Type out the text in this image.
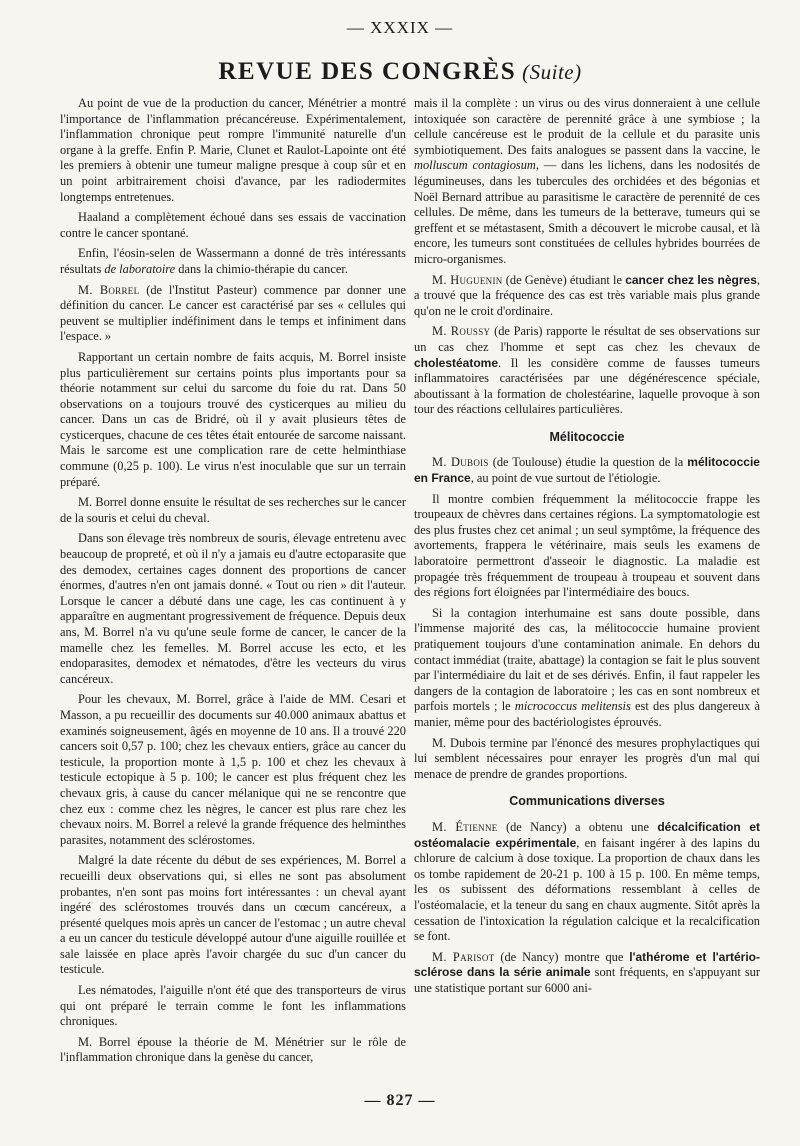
— XXXIX —
REVUE DES CONGRÈS (Suite)

Au point de vue de la production du cancer, Ménétrier a montré l'importance de l'inflammation précancéreuse. Expérimentalement, l'inflammation chronique peut rompre l'immunité naturelle d'un organe à la greffe. Enfin P. Marie, Clunet et Raulot-Lapointe ont été les premiers à obtenir une tumeur maligne presque à coup sûr et en un point arbitrairement choisi d'avance, par les radiodermites longtemps entretenues.

Haaland a complètement échoué dans ses essais de vaccination contre le cancer spontané.

Enfin, l'éosin-selen de Wassermann a donné de très intéressants résultats de laboratoire dans la chimio-thérapie du cancer.

M. Borrel (de l'Institut Pasteur) commence par donner une définition du cancer. Le cancer est caractérisé par ses « cellules qui peuvent se multiplier indéfiniment dans le temps et infiniment dans l'espace. »

Rapportant un certain nombre de faits acquis, M. Borrel insiste plus particulièrement sur certains points plus importants pour sa théorie notamment sur celui du sarcome du foie du rat. Dans 50 observations on a toujours trouvé des cysticerques au milieu du cancer. Dans un cas de Bridré, où il y avait plusieurs têtes de cysticerques, chacune de ces têtes était entourée de sarcome naissant. Mais le sarcome est une complication rare de cette helminthiase commune (0,25 p. 100). Le virus n'est inoculable que sur un terrain préparé.

M. Borrel donne ensuite le résultat de ses recherches sur le cancer de la souris et celui du cheval.

Dans son élevage très nombreux de souris, élevage entretenu avec beaucoup de propreté, et où il n'y a jamais eu d'autre ectoparasite que des demodex, certaines cages donnent des proportions de cancer énormes, d'autres n'en ont jamais donné. « Tout ou rien » dit l'auteur. Lorsque le cancer a débuté dans une cage, les cas continuent à y apparaître en augmentant progressivement de fréquence. Depuis deux ans, M. Borrel n'a vu qu'une seule forme de cancer, le cancer de la mamelle chez les femelles. M. Borrel accuse les ecto, et les endoparasites, demodex et nématodes, d'être les vecteurs du virus cancéreux.

Pour les chevaux, M. Borrel, grâce à l'aide de MM. Cesari et Masson, a pu recueillir des documents sur 40.000 animaux abattus et examinés soigneusement, âgés en moyenne de 10 ans. Il a trouvé 220 cancers soit 0,57 p. 100; chez les chevaux entiers, grâce au cancer du testicule, la proportion monte à 1,5 p. 100 et chez les chevaux à testicule ectopique à 5 p. 100; le cancer est plus fréquent chez les chevaux gris, à cause du cancer mélanique qui ne se rencontre que chez eux : comme chez les nègres, le cancer est plus rare chez les chevaux noirs. M. Borrel a relevé la grande fréquence des helminthes parasites, notamment des sclérostomes.

Malgré la date récente du début de ses expériences, M. Borrel a recueilli deux observations qui, si elles ne sont pas absolument probantes, n'en sont pas moins fort intéressantes : un cheval ayant ingéré des sclérostomes trouvés dans un cœcum cancéreux, a présenté quelques mois après un cancer de l'estomac ; un autre cheval a eu un cancer du testicule développé autour d'une aiguille rouillée et sale laissée en place après l'avoir chargée du suc d'un cancer du testicule.

Les nématodes, l'aiguille n'ont été que des transporteurs de virus qui ont préparé le terrain comme le font les inflammations chroniques.

M. Borrel épouse la théorie de M. Ménétrier sur le rôle de l'inflammation chronique dans la genèse du cancer,

mais il la complète : un virus ou des virus donneraient à une cellule intoxiquée son caractère de perennité grâce à une symbiose ; la cellule cancéreuse est le produit de la cellule et du parasite unis symbiotiquement. Des faits analogues se passent dans la vaccine, le molluscum contagiosum, — dans les lichens, dans les nodosités de légumineuses, dans les tubercules des orchidées et des bégonias et Noël Bernard attribue au parasitisme le caractère de perennité de ces cellules. De même, dans les tumeurs de la betterave, tumeurs qui se greffent et se métastasent, Smith a découvert le microbe causal, et là encore, les tumeurs sont constituées de cellules hybrides bourrées de micro-organismes.

M. Huguenin (de Genève) étudiant le cancer chez les nègres, a trouvé que la fréquence des cas est très variable mais plus grande qu'on ne le croit d'ordinaire.

M. Roussy (de Paris) rapporte le résultat de ses observations sur un cas chez l'homme et sept cas chez les chevaux de cholestéatome. Il les considère comme de fausses tumeurs inflammatoires caractérisées par une dégénérescence spéciale, aboutissant à la formation de cholestéarine, laquelle provoque à son tour des réactions cellulaires particulières.

Mélitococcie

M. Dubois (de Toulouse) étudie la question de la mélitococcie en France, au point de vue surtout de l'étiologie.

Il montre combien fréquemment la mélitococcie frappe les troupeaux de chèvres dans certaines régions. La symptomatologie est des plus frustes chez cet animal ; un seul symptôme, la fréquence des avortements, frappera le vétérinaire, mais seuls les examens de laboratoire permettront d'asseoir le diagnostic. La maladie est propagée très fréquemment de troupeau à troupeau et souvent dans des régions fort éloignées par l'intermédiaire des boucs.

Si la contagion interhumaine est sans doute possible, dans l'immense majorité des cas, la mélitococcie humaine provient pratiquement toujours d'une contamination animale. En dehors du contact immédiat (traite, abattage) la contagion se fait le plus souvent par l'intermédiaire du lait et de ses dérivés. Enfin, il faut rappeler les dangers de la contagion de laboratoire ; les cas en sont nombreux et parfois mortels ; le micrococcus melitensis est des plus dangereux à manier, même pour des bactériologistes éprouvés.

M. Dubois termine par l'énoncé des mesures prophylactiques qui lui semblent nécessaires pour enrayer les progrès d'un mal qui menace de prendre de grandes proportions.

Communications diverses

M. Étienne (de Nancy) a obtenu une décalcification et ostéomalacie expérimentale, en faisant ingérer à des lapins du chlorure de calcium à dose toxique. La proportion de chaux dans les os tombe rapidement de 20-21 p. 100 à 15 p. 100. En même temps, les os subissent des déformations ressemblant à celles de l'ostéomalacie, et la teneur du sang en chaux augmente. Sitôt après la cessation de l'intoxication la régulation calcique et la recalcification se font.

M. Parisot (de Nancy) montre que l'athérome et l'artério-sclérose dans la série animale sont fréquents, en s'appuyant sur une statistique portant sur 6000 ani-

— 827 —
